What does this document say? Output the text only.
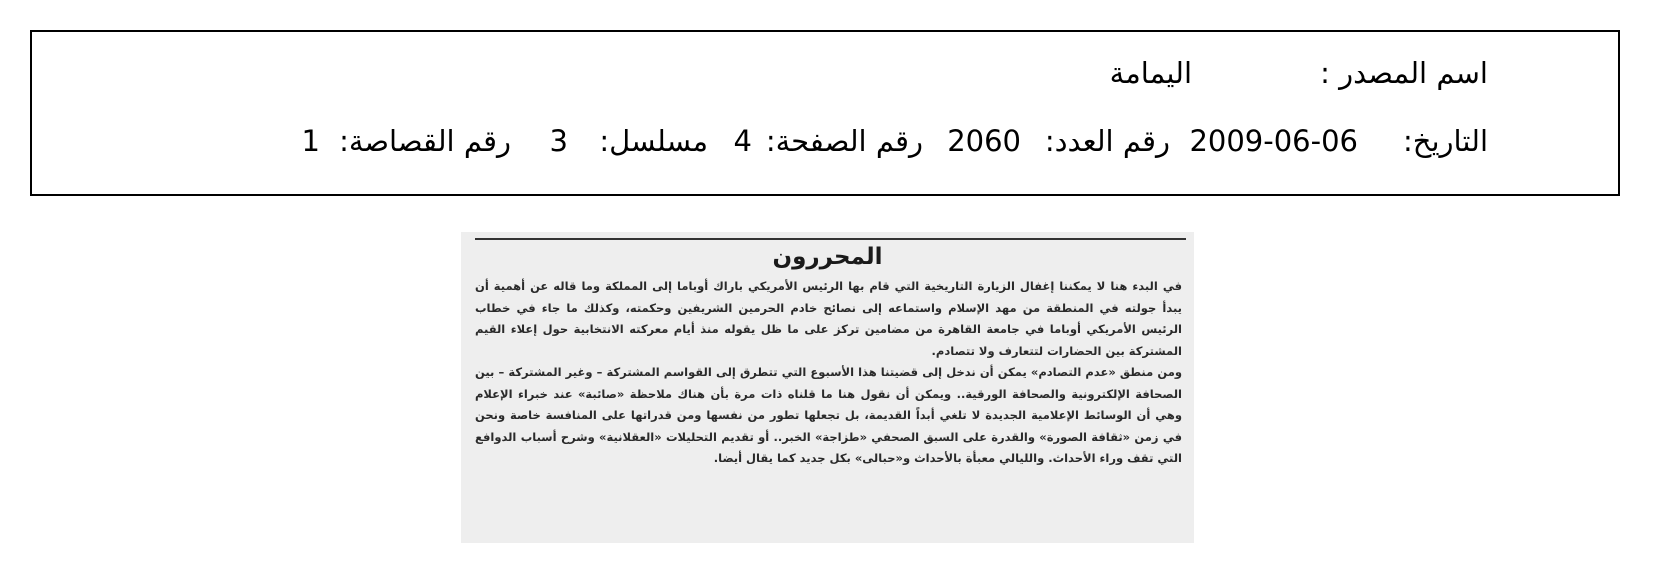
اسم المصدر :
اليمامة
التاريخ:
2009-06-06
رقم العدد:
2060
رقم الصفحة:
4
مسلسل:
3
رقم القصاصة:
1
المحررون

في البدء هنا لا يمكننا إغفال الزيارة التاريخية التي قام بها الرئيس الأمريكي باراك أوباما إلى المملكة وما قاله عن أهمية أن يبدأ جولته في المنطقة من مهد الإسلام واستماعه إلى نصائح خادم الحرمين الشريفين وحكمته، وكذلك ما جاء في خطاب الرئيس الأمريكي أوباما في جامعة القاهرة من مضامين تركز على ما ظل يقوله منذ أيام معركته الانتخابية حول إعلاء القيم المشتركة بين الحضارات لتتعارف ولا تتصادم.

ومن منطق «عدم التصادم» يمكن أن ندخل إلى قضيتنا هذا الأسبوع التي تتطرق إلى القواسم المشتركة – وغير المشتركة – بين الصحافة الإلكترونية والصحافة الورقية.. ويمكن أن نقول هنا ما قلناه ذات مرة بأن هناك ملاحظة «صائبة» عند خبراء الإعلام وهي أن الوسائط الإعلامية الجديدة لا تلغي أبداً القديمة، بل تجعلها تطور من نفسها ومن قدراتها على المنافسة خاصة ونحن في زمن «ثقافة الصورة» والقدرة على السبق الصحفي «طزاجة» الخبر.. أو تقديم التحليلات «العقلانية» وشرح أسباب الدوافع التي تقف وراء الأحداث. والليالي معبأة بالأحداث و«حبالى» بكل جديد كما يقال أيضا.
